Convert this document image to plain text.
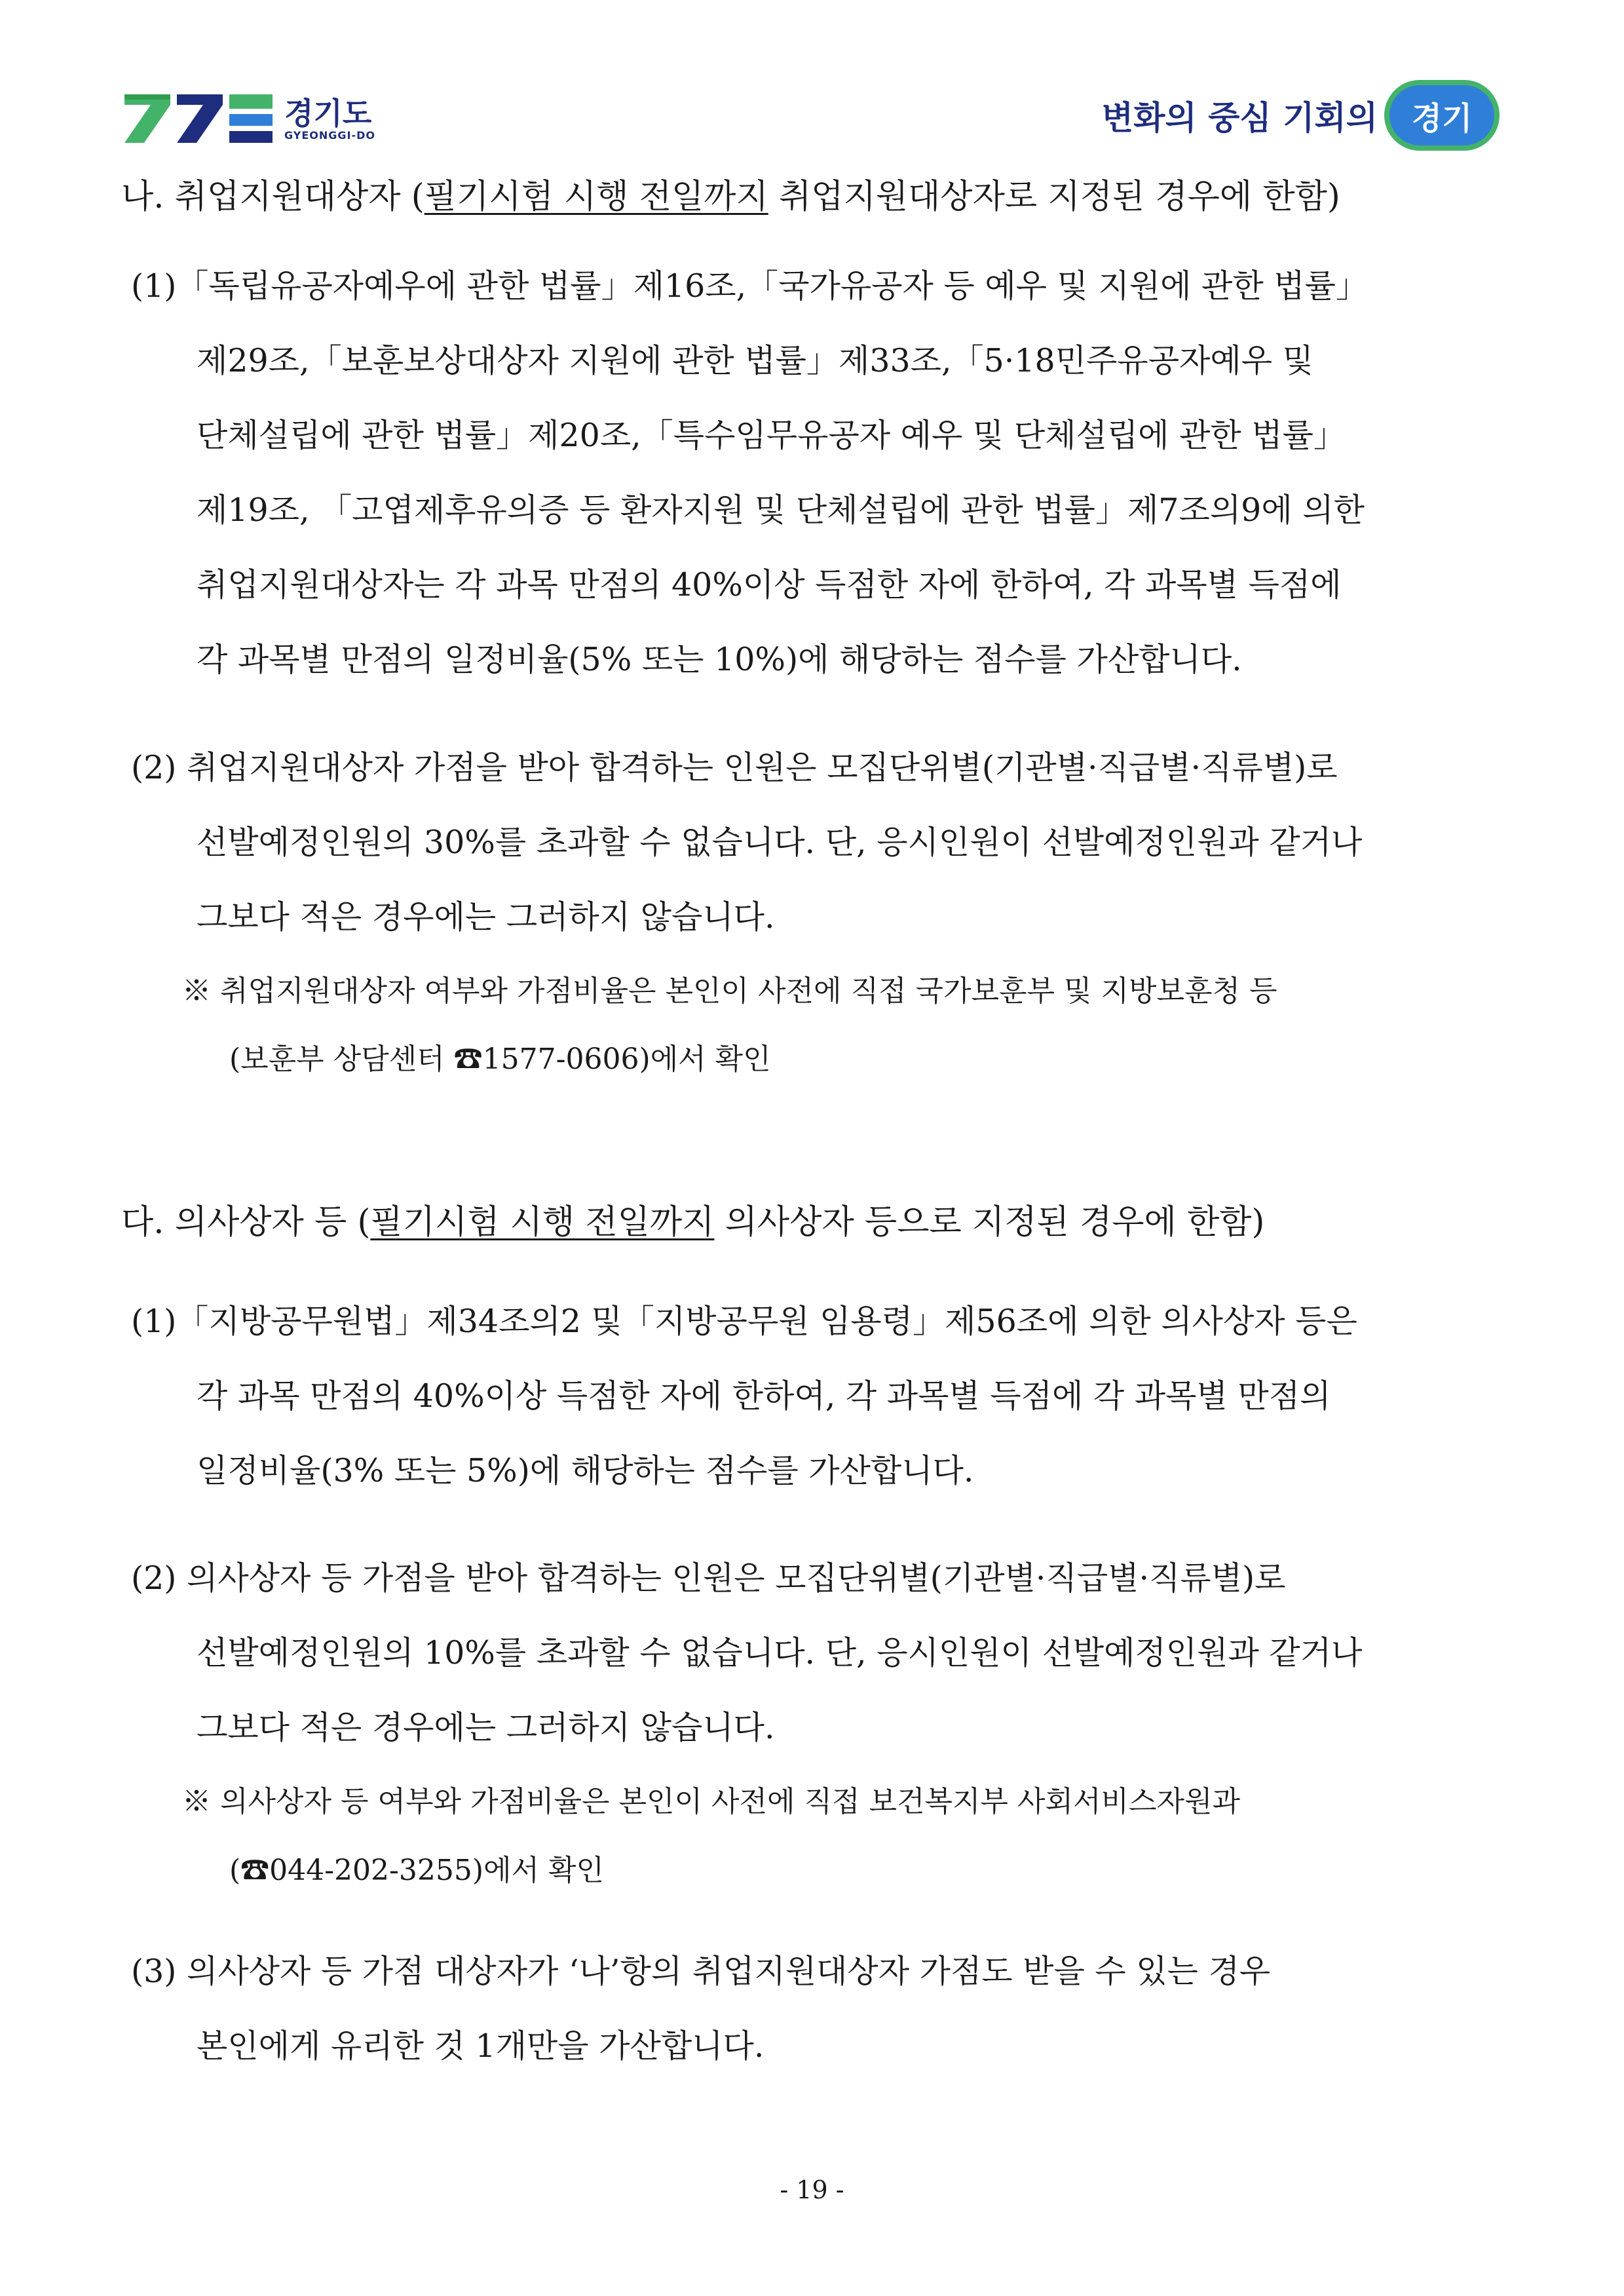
경기도
GYEONGGI-DO	변화의 중심 기회의	경기
나. 취업지원대상자 (필기시험 시행 전일까지 취업지원대상자로 지정된 경우에 한함)
(1)「독립유공자예우에 관한 법률」제16조,「국가유공자 등 예우 및 지원에 관한 법률」
제29조,「보훈보상대상자 지원에 관한 법률」제33조,「5·18민주유공자예우 및
단체설립에 관한 법률」제20조,「특수임무유공자 예우 및 단체설립에 관한 법률」
제19조, 「고엽제후유의증 등 환자지원 및 단체설립에 관한 법률」제7조의9에 의한
취업지원대상자는 각 과목 만점의 40%이상 득점한 자에 한하여, 각 과목별 득점에
각 과목별 만점의 일정비율(5% 또는 10%)에 해당하는 점수를 가산합니다.
(2) 취업지원대상자 가점을 받아 합격하는 인원은 모집단위별(기관별·직급별·직류별)로
선발예정인원의 30%를 초과할 수 없습니다. 단, 응시인원이 선발예정인원과 같거나
그보다 적은 경우에는 그러하지 않습니다.
※ 취업지원대상자 여부와 가점비율은 본인이 사전에 직접 국가보훈부 및 지방보훈청 등
(보훈부 상담센터 ☎1577-0606)에서 확인
다. 의사상자 등 (필기시험 시행 전일까지 의사상자 등으로 지정된 경우에 한함)
(1)「지방공무원법」제34조의2 및「지방공무원 임용령」제56조에 의한 의사상자 등은
각 과목 만점의 40%이상 득점한 자에 한하여, 각 과목별 득점에 각 과목별 만점의
일정비율(3% 또는 5%)에 해당하는 점수를 가산합니다.
(2) 의사상자 등 가점을 받아 합격하는 인원은 모집단위별(기관별·직급별·직류별)로
선발예정인원의 10%를 초과할 수 없습니다. 단, 응시인원이 선발예정인원과 같거나
그보다 적은 경우에는 그러하지 않습니다.
※ 의사상자 등 여부와 가점비율은 본인이 사전에 직접 보건복지부 사회서비스자원과
(☎044-202-3255)에서 확인
(3) 의사상자 등 가점 대상자가 ‘나’항의 취업지원대상자 가점도 받을 수 있는 경우
본인에게 유리한 것 1개만을 가산합니다.
- 19 -
